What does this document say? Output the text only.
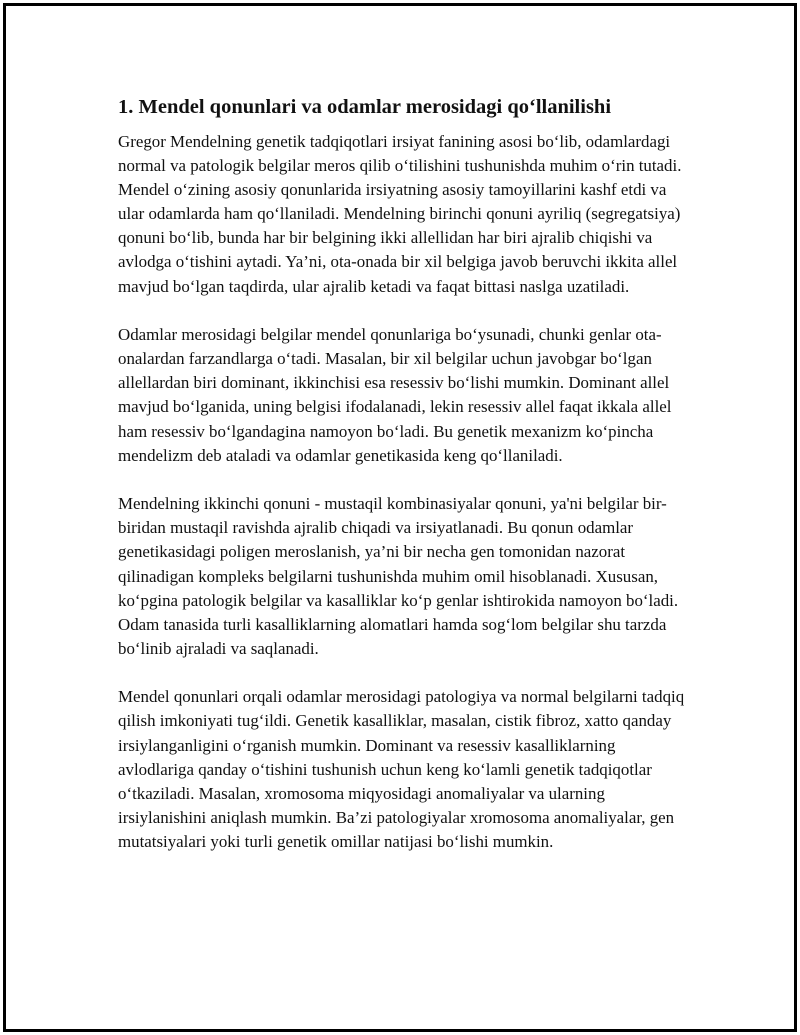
1. Mendel qonunlari va odamlar merosidagi qo‘llanilishi

Gregor Mendelning genetik tadqiqotlari irsiyat fanining asosi bo‘lib, odamlardagi normal va patologik belgilar meros qilib o‘tilishini tushunishda muhim o‘rin tutadi. Mendel o‘zining asosiy qonunlarida irsiyatning asosiy tamoyillarini kashf etdi va ular odamlarda ham qo‘llaniladi. Mendelning birinchi qonuni ayriliq (segregatsiya) qonuni bo‘lib, bunda har bir belgining ikki allellidan har biri ajralib chiqishi va avlodga o‘tishini aytadi. Ya’ni, ota-onada bir xil belgiga javob beruvchi ikkita allel mavjud bo‘lgan taqdirda, ular ajralib ketadi va faqat bittasi naslga uzatiladi.

Odamlar merosidagi belgilar mendel qonunlariga bo‘ysunadi, chunki genlar ota-onalardan farzandlarga o‘tadi. Masalan, bir xil belgilar uchun javobgar bo‘lgan allellardan biri dominant, ikkinchisi esa resessiv bo‘lishi mumkin. Dominant allel mavjud bo‘lganida, uning belgisi ifodalanadi, lekin resessiv allel faqat ikkala allel ham resessiv bo‘lgandagina namoyon bo‘ladi. Bu genetik mexanizm ko‘pincha mendelizm deb ataladi va odamlar genetikasida keng qo‘llaniladi.

Mendelning ikkinchi qonuni - mustaqil kombinasiyalar qonuni, ya'ni belgilar bir-biridan mustaqil ravishda ajralib chiqadi va irsiyatlanadi. Bu qonun odamlar genetikasidagi poligen meroslanish, ya’ni bir necha gen tomonidan nazorat qilinadigan kompleks belgilarni tushunishda muhim omil hisoblanadi. Xususan, ko‘pgina patologik belgilar va kasalliklar ko‘p genlar ishtirokida namoyon bo‘ladi. Odam tanasida turli kasalliklarning alomatlari hamda sog‘lom belgilar shu tarzda bo‘linib ajraladi va saqlanadi.

Mendel qonunlari orqali odamlar merosidagi patologiya va normal belgilarni tadqiq qilish imkoniyati tug‘ildi. Genetik kasalliklar, masalan, cistik fibroz, xatto qanday irsiylanganligini o‘rganish mumkin. Dominant va resessiv kasalliklarning avlodlariga qanday o‘tishini tushunish uchun keng ko‘lamli genetik tadqiqotlar o‘tkaziladi. Masalan, xromosoma miqyosidagi anomaliyalar va ularning irsiylanishini aniqlash mumkin. Ba’zi patologiyalar xromosoma anomaliyalar, gen mutatsiyalari yoki turli genetik omillar natijasi bo‘lishi mumkin.
